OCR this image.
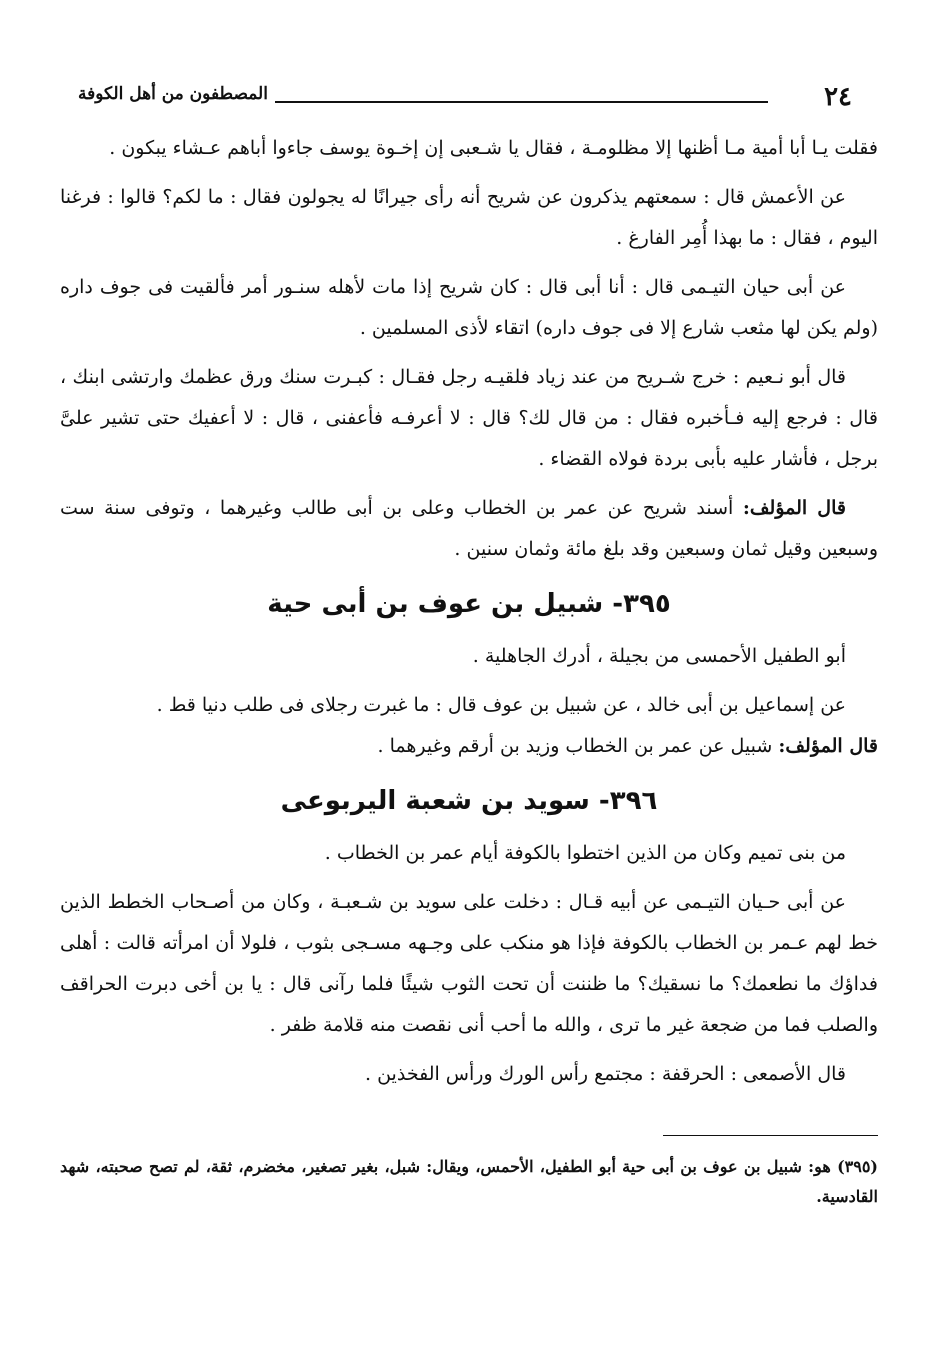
٢٤
المصطفون من أهل الكوفة

فقلت يـا أبا أمية مـا أظنها إلا مظلومـة ، فقال يا شـعبى إن إخـوة يوسف جاءوا أباهم عـشاء يبكون .

عن الأعمش قال : سمعتهم يذكرون عن شريح أنه رأى جيرانًا له يجولون فقال : ما لكم؟ قالوا : فرغنا اليوم ، فقال : ما بهذا أُمِر الفارغ .

عن أبى حيان التيـمى قال : أنا أبى قال : كان شريح إذا مات لأهله سنـور أمر فألقيت فى جوف داره (ولم يكن لها مثعب شارع إلا فى جوف داره) اتقاء لأذى المسلمين .

قال أبو نـعيم : خرج شـريح من عند زياد فلقيـه رجل فقـال : كبـرت سنك ورق عظمك وارتشى ابنك ، قال : فرجع إليه فـأخبره فقال : من قال لك؟ قال : لا أعرفـه فأعفنى ، قال : لا أعفيك حتى تشير علىَّ برجل ، فأشار عليه بأبى بردة فولاه القضاء .

قال المؤلف: أسند شريح عن عمر بن الخطاب وعلى بن أبى طالب وغيرهما ، وتوفى سنة ست وسبعين وقيل ثمان وسبعين وقد بلغ مائة وثمان سنين .

٣٩٥- شبيل بن عوف بن أبى حية

أبو الطفيل الأحمسى من بجيلة ، أدرك الجاهلية .

عن إسماعيل بن أبى خالد ، عن شبيل بن عوف قال : ما غبرت رجلاى فى طلب دنيا قط .

قال المؤلف: شبيل عن عمر بن الخطاب وزيد بن أرقم وغيرهما .

٣٩٦- سويد بن شعبة اليربوعى

من بنى تميم وكان من الذين اختطوا بالكوفة أيام عمر بن الخطاب .

عن أبى حـيان التيـمى عن أبيه قـال : دخلت على سويد بن شـعبـة ، وكان من أصـحاب الخطط الذين خط لهم عـمر بن الخطاب بالكوفة فإذا هو منكب على وجـهه مسـجى بثوب ، فلولا أن امرأته قالت : أهلى فداؤك ما نطعمك؟ ما نسقيك؟ ما ظننت أن تحت الثوب شيئًا فلما رآنى قال : يا بن أخى دبرت الحراقف والصلب فما من ضجعة غير ما ترى ، والله ما أحب أنى نقصت منه قلامة ظفر .

قال الأصمعى : الحرقفة : مجتمع رأس الورك ورأس الفخذين .

(٣٩٥) هو: شبيل بن عوف بن أبى حية أبو الطفيل، الأحمس، ويقال: شبل، بغير تصغير، مخضرم، ثقة، لم تصح صحبته، شهد القادسية.
